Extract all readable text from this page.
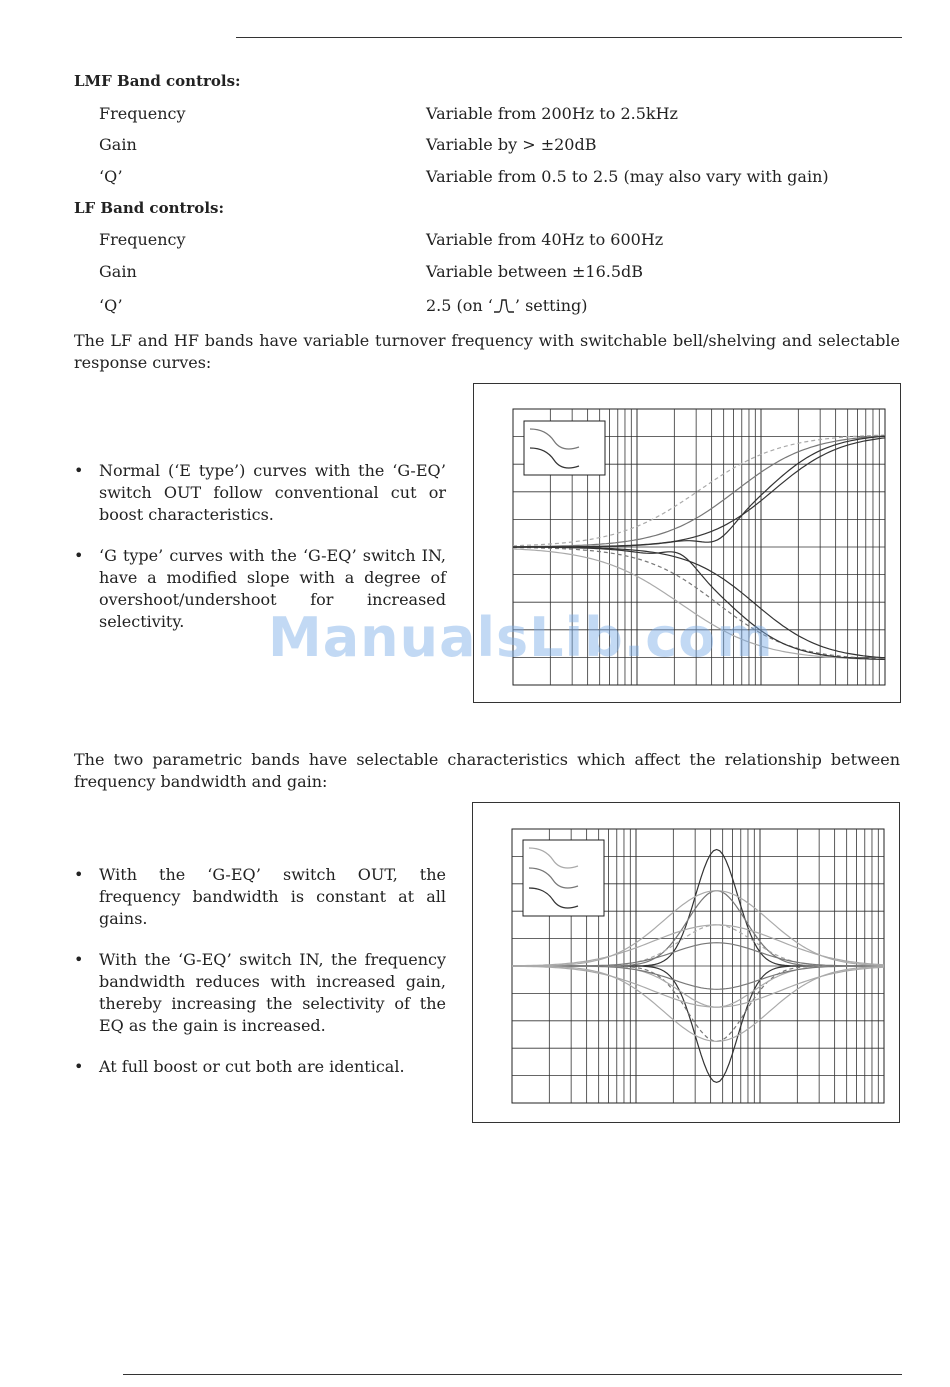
LMF Band controls:
Frequency	Variable from 200Hz to 2.5kHz
Gain	Variable by > ±20dB
‘Q’	Variable from 0.5 to 2.5 (may also vary with gain)
LF Band controls:
Frequency	Variable from 40Hz to 600Hz
Gain	Variable between ±16.5dB
‘Q’	2.5 (on ‘ ’ setting)

The LF and HF bands have variable turnover frequency with switchable bell/shelving and selectable response curves:

• Normal (‘E type’) curves with the ‘G-EQ’ switch OUT follow conventional cut or boost characteristics.
• ‘G type’ curves with the ‘G-EQ’ switch IN, have a modified slope with a degree of overshoot/undershoot for increased selectivity.

The two parametric bands have selectable characteristics which affect the relationship between frequency bandwidth and gain:

• With the ‘G-EQ’ switch OUT, the frequency bandwidth is constant at all gains.
• With the ‘G-EQ’ switch IN, the frequency bandwidth reduces with increased gain, thereby increasing the selectivity of the EQ as the gain is increased.
• At full boost or cut both are identical.
ManualsLib.com
